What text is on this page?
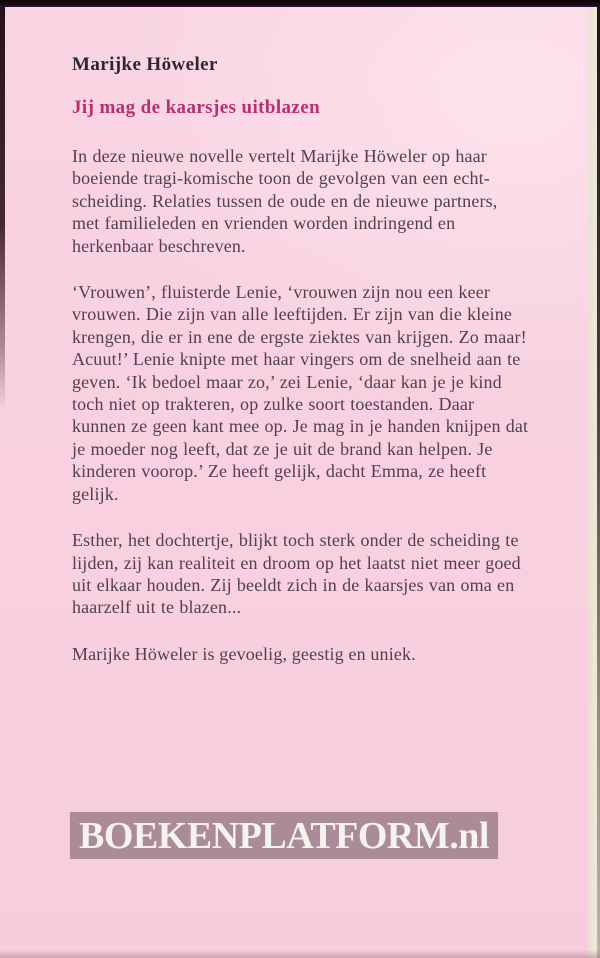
Marijke Höweler
Jij mag de kaarsjes uitblazen

In deze nieuwe novelle vertelt Marijke Höweler op haar boeiende tragi-komische toon de gevolgen van een echt-scheiding. Relaties tussen de oude en de nieuwe partners, met familieleden en vrienden worden indringend en herkenbaar beschreven.

‘Vrouwen’, fluisterde Lenie, ‘vrouwen zijn nou een keer vrouwen. Die zijn van alle leeftijden. Er zijn van die kleine krengen, die er in ene de ergste ziektes van krijgen. Zo maar! Acuut!’ Lenie knipte met haar vingers om de snelheid aan te geven. ‘Ik bedoel maar zo,’ zei Lenie, ‘daar kan je je kind toch niet op trakteren, op zulke soort toestanden. Daar kunnen ze geen kant mee op. Je mag in je handen knijpen dat je moeder nog leeft, dat ze je uit de brand kan helpen. Je kinderen voorop.’ Ze heeft gelijk, dacht Emma, ze heeft gelijk.

Esther, het dochtertje, blijkt toch sterk onder de scheiding te lijden, zij kan realiteit en droom op het laatst niet meer goed uit elkaar houden. Zij beeldt zich in de kaarsjes van oma en haarzelf uit te blazen...

Marijke Höweler is gevoelig, geestig en uniek.

BOEKENPLATFORM.nl
